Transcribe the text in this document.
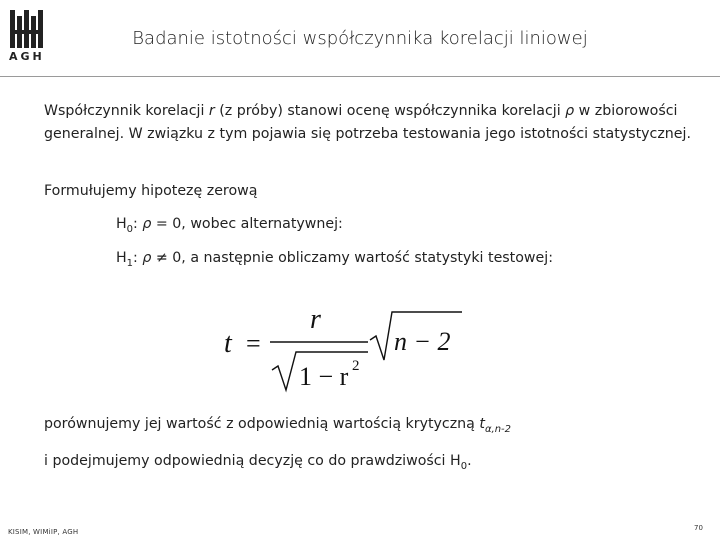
AGH
Badanie istotności współczynnika korelacji liniowej
Współczynnik korelacji r (z próby) stanowi ocenę współczynnika korelacji ρ w zbiorowości generalnej. W związku z tym pojawia się potrzeba testowania jego istotności statystycznej.
Formułujemy hipotezę zerową
$H_0$: ρ = 0, wobec alternatywnej:
$H_1$: ρ ≠ 0, a następnie obliczamy wartość statystyki testowej:
t =
r
1 − r 2
n − 2
porównujemy jej wartość z odpowiednią wartością krytyczną $t_{\alpha,n-2}$
i podejmujemy odpowiednią decyzję co do prawdziwości $H_0$.
KISIM, WIMiIP, AGH	70
